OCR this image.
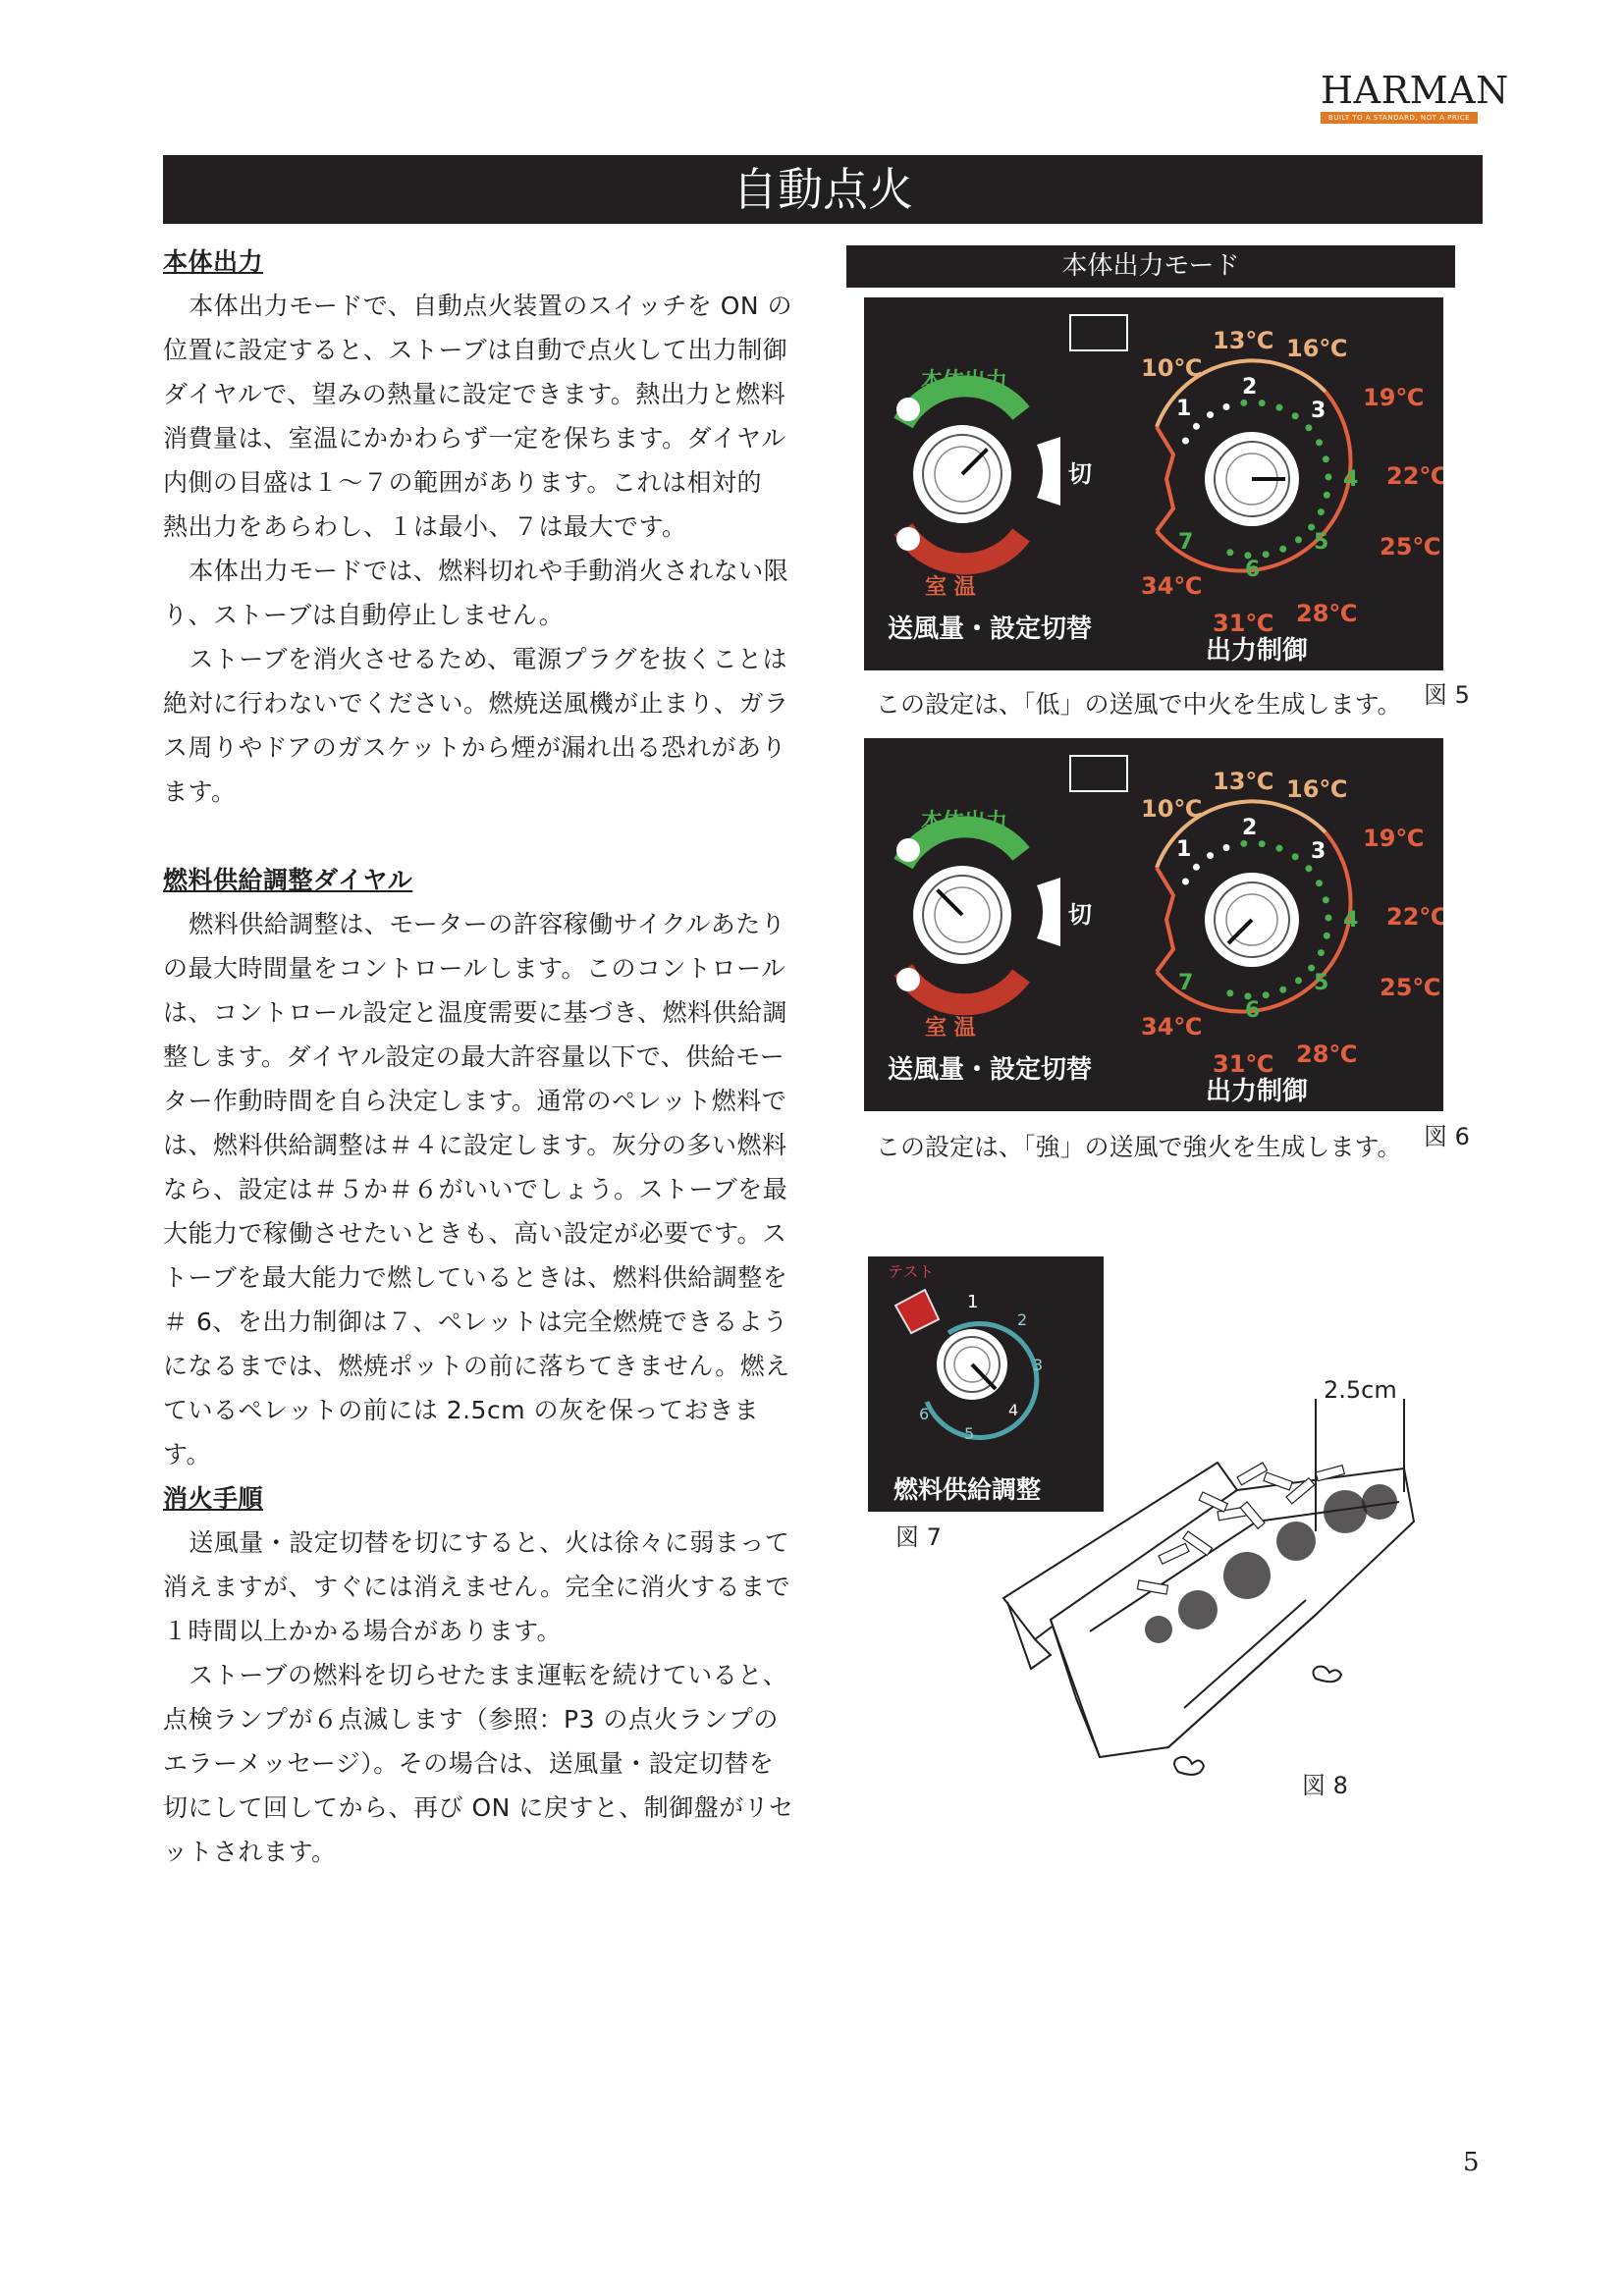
HARMAN
BUILT TO A STANDARD, NOT A PRICE
自動点火
本体出力
本体出力モードで、自動点火装置のスイッチを ON の
位置に設定すると、ストーブは自動で点火して出力制御
ダイヤルで、望みの熱量に設定できます。熱出力と燃料
消費量は、室温にかかわらず一定を保ちます。ダイヤル
内側の目盛は１～７の範囲があります。これは相対的
熱出力をあらわし、１は最小、７は最大です。
本体出力モードでは、燃料切れや手動消火されない限
り、ストーブは自動停止しません。
ストーブを消火させるため、電源プラグを抜くことは
絶対に行わないでください。燃焼送風機が止まり、ガラ
ス周りやドアのガスケットから煙が漏れ出る恐れがあり
ます。
燃料供給調整ダイヤル
燃料供給調整は、モーターの許容稼働サイクルあたり
の最大時間量をコントロールします。このコントロール
は、コントロール設定と温度需要に基づき、燃料供給調
整します。ダイヤル設定の最大許容量以下で、供給モー
ター作動時間を自ら決定します。通常のペレット燃料で
は、燃料供給調整は＃４に設定します。灰分の多い燃料
なら、設定は＃５か＃６がいいでしょう。ストーブを最
大能力で稼働させたいときも、高い設定が必要です。ス
トーブを最大能力で燃しているときは、燃料供給調整を
＃ 6、を出力制御は７、ペレットは完全燃焼できるよう
になるまでは、燃焼ポットの前に落ちてきません。燃え
ているペレットの前には 2.5cm の灰を保っておきます。
消火手順
送風量・設定切替を切にすると、火は徐々に弱まって
消えますが、すぐには消えません。完全に消火するまで
１時間以上かかる場合があります。
ストーブの燃料を切らせたまま運転を続けていると、
点検ランプが６点滅します（参照：P3 の点火ランプの
エラーメッセージ）。その場合は、送風量・設定切替を
切にして回してから、再び ON に戻すと、制御盤がリセ
ットされます。
本体出力モード
本体出力
室 温
切
送風量・設定切替
1
2
3
4
5
6
7
10℃
13℃ 16℃
19℃
22℃
25℃
28℃
31℃
34℃
出力制御
この設定は、「低」の送風で中火を生成します。 図 5
本体出力
室 温
切
送風量・設定切替
1
2
3
4
5
6
7
10℃
13℃ 16℃
19℃
22℃
25℃
28℃
31℃
34℃
出力制御
この設定は、「強」の送風で強火を生成します。 図 6
テスト
1
2
3
4
5
6
燃料供給調整
図 7
2.5cm
図 8
5
